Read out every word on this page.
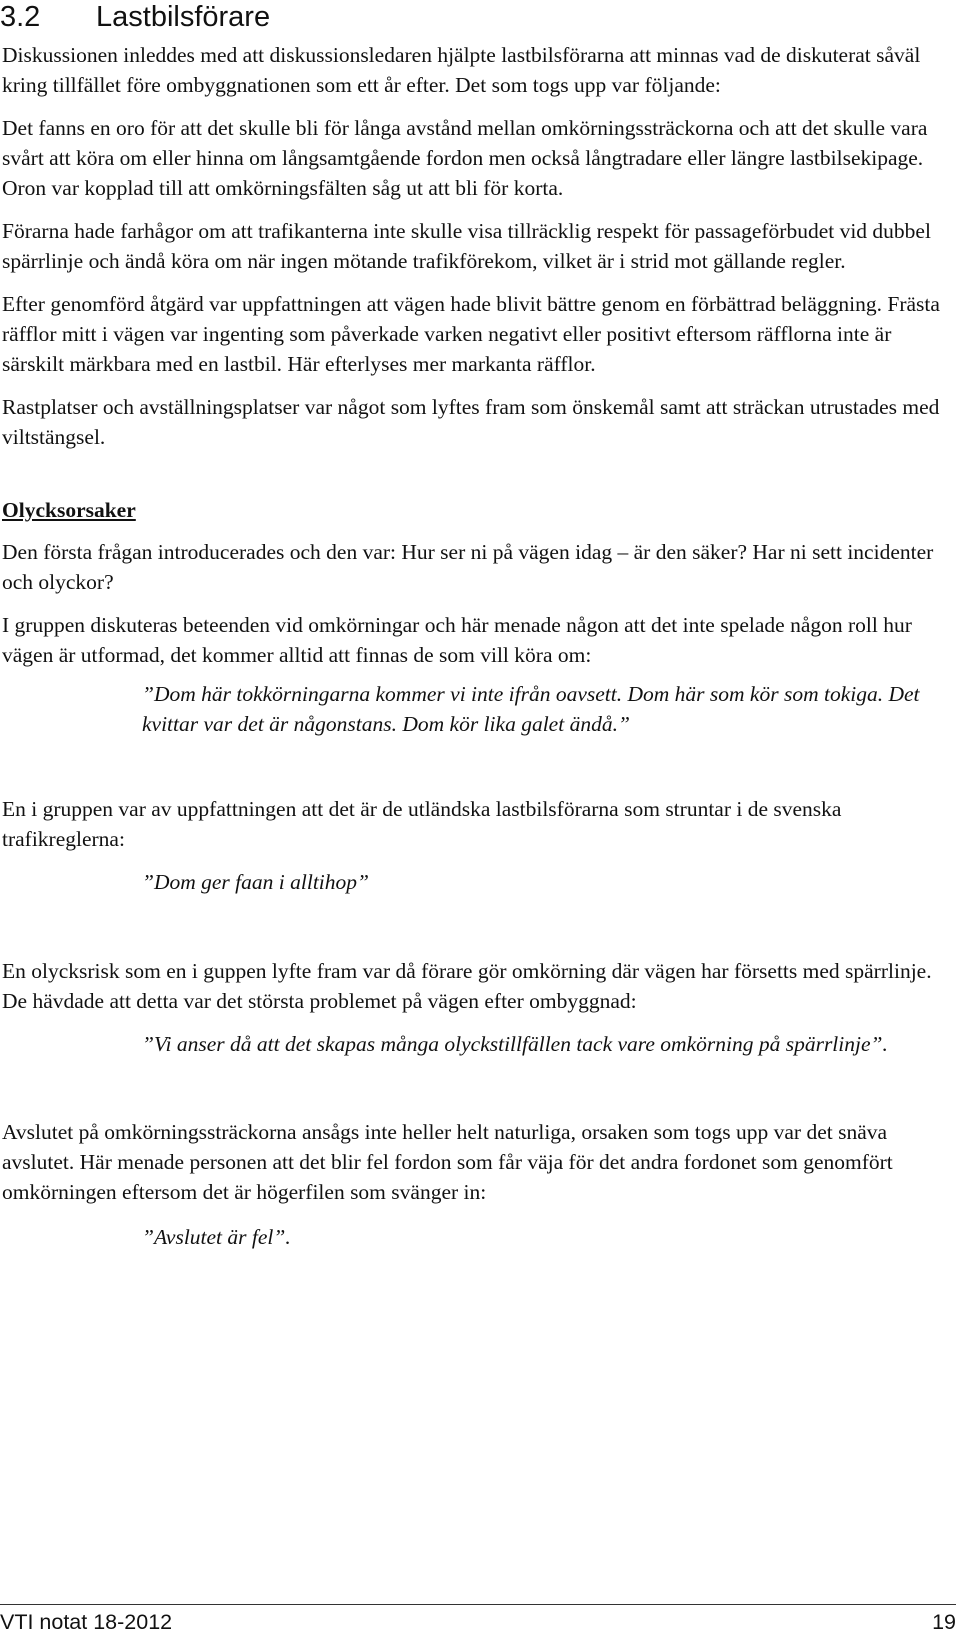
3.2 Lastbilsförare

Diskussionen inleddes med att diskussionsledaren hjälpte lastbilsförarna att minnas vad de diskuterat såväl kring tillfället före ombyggnationen som ett år efter. Det som togs upp var följande:

Det fanns en oro för att det skulle bli för långa avstånd mellan omkörningssträckorna och att det skulle vara svårt att köra om eller hinna om långsamtgående fordon men också långtradare eller längre lastbilsekipage. Oron var kopplad till att omkörningsfälten såg ut att bli för korta.

Förarna hade farhågor om att trafikanterna inte skulle visa tillräcklig respekt för passageförbudet vid dubbel spärrlinje och ändå köra om när ingen mötande trafikförekom, vilket är i strid mot gällande regler.

Efter genomförd åtgärd var uppfattningen att vägen hade blivit bättre genom en förbättrad beläggning. Frästa räfflor mitt i vägen var ingenting som påverkade varken negativt eller positivt eftersom räfflorna inte är särskilt märkbara med en lastbil. Här efterlyses mer markanta räfflor.

Rastplatser och avställningsplatser var något som lyftes fram som önskemål samt att sträckan utrustades med viltstängsel.

Olycksorsaker

Den första frågan introducerades och den var: Hur ser ni på vägen idag – är den säker? Har ni sett incidenter och olyckor?

I gruppen diskuteras beteenden vid omkörningar och här menade någon att det inte spelade någon roll hur vägen är utformad, det kommer alltid att finnas de som vill köra om:

”Dom här tokkörningarna kommer vi inte ifrån oavsett. Dom här som kör som tokiga. Det kvittar var det är någonstans. Dom kör lika galet ändå.”

En i gruppen var av uppfattningen att det är de utländska lastbilsförarna som struntar i de svenska trafikreglerna:

”Dom ger faan i alltihop”

En olycksrisk som en i guppen lyfte fram var då förare gör omkörning där vägen har försetts med spärrlinje. De hävdade att detta var det största problemet på vägen efter ombyggnad:

”Vi anser då att det skapas många olyckstillfällen tack vare omkörning på spärrlinje”.

Avslutet på omkörningssträckorna ansågs inte heller helt naturliga, orsaken som togs upp var det snäva avslutet. Här menade personen att det blir fel fordon som får väja för det andra fordonet som genomfört omkörningen eftersom det är högerfilen som svänger in:

”Avslutet är fel”.
VTI notat 18-2012	19
